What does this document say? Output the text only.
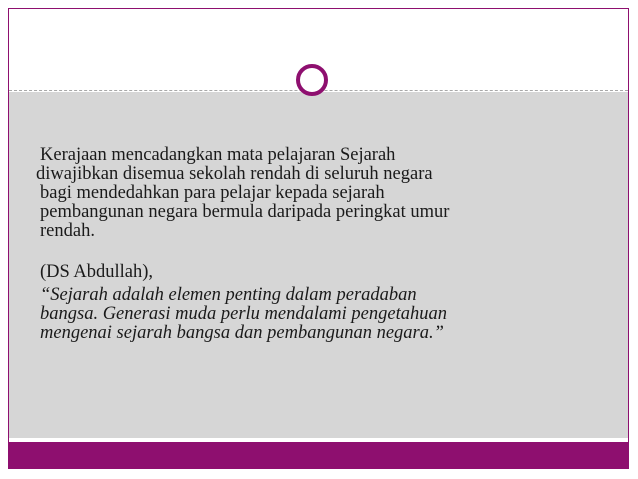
Kerajaan mencadangkan mata pelajaran Sejarah
diwajibkan disemua sekolah rendah di seluruh negara
bagi mendedahkan para pelajar kepada sejarah
pembangunan negara bermula daripada peringkat umur
rendah.
(DS Abdullah),
“Sejarah adalah elemen penting dalam peradaban
bangsa. Generasi muda perlu mendalami pengetahuan
mengenai sejarah bangsa dan pembangunan negara.”
